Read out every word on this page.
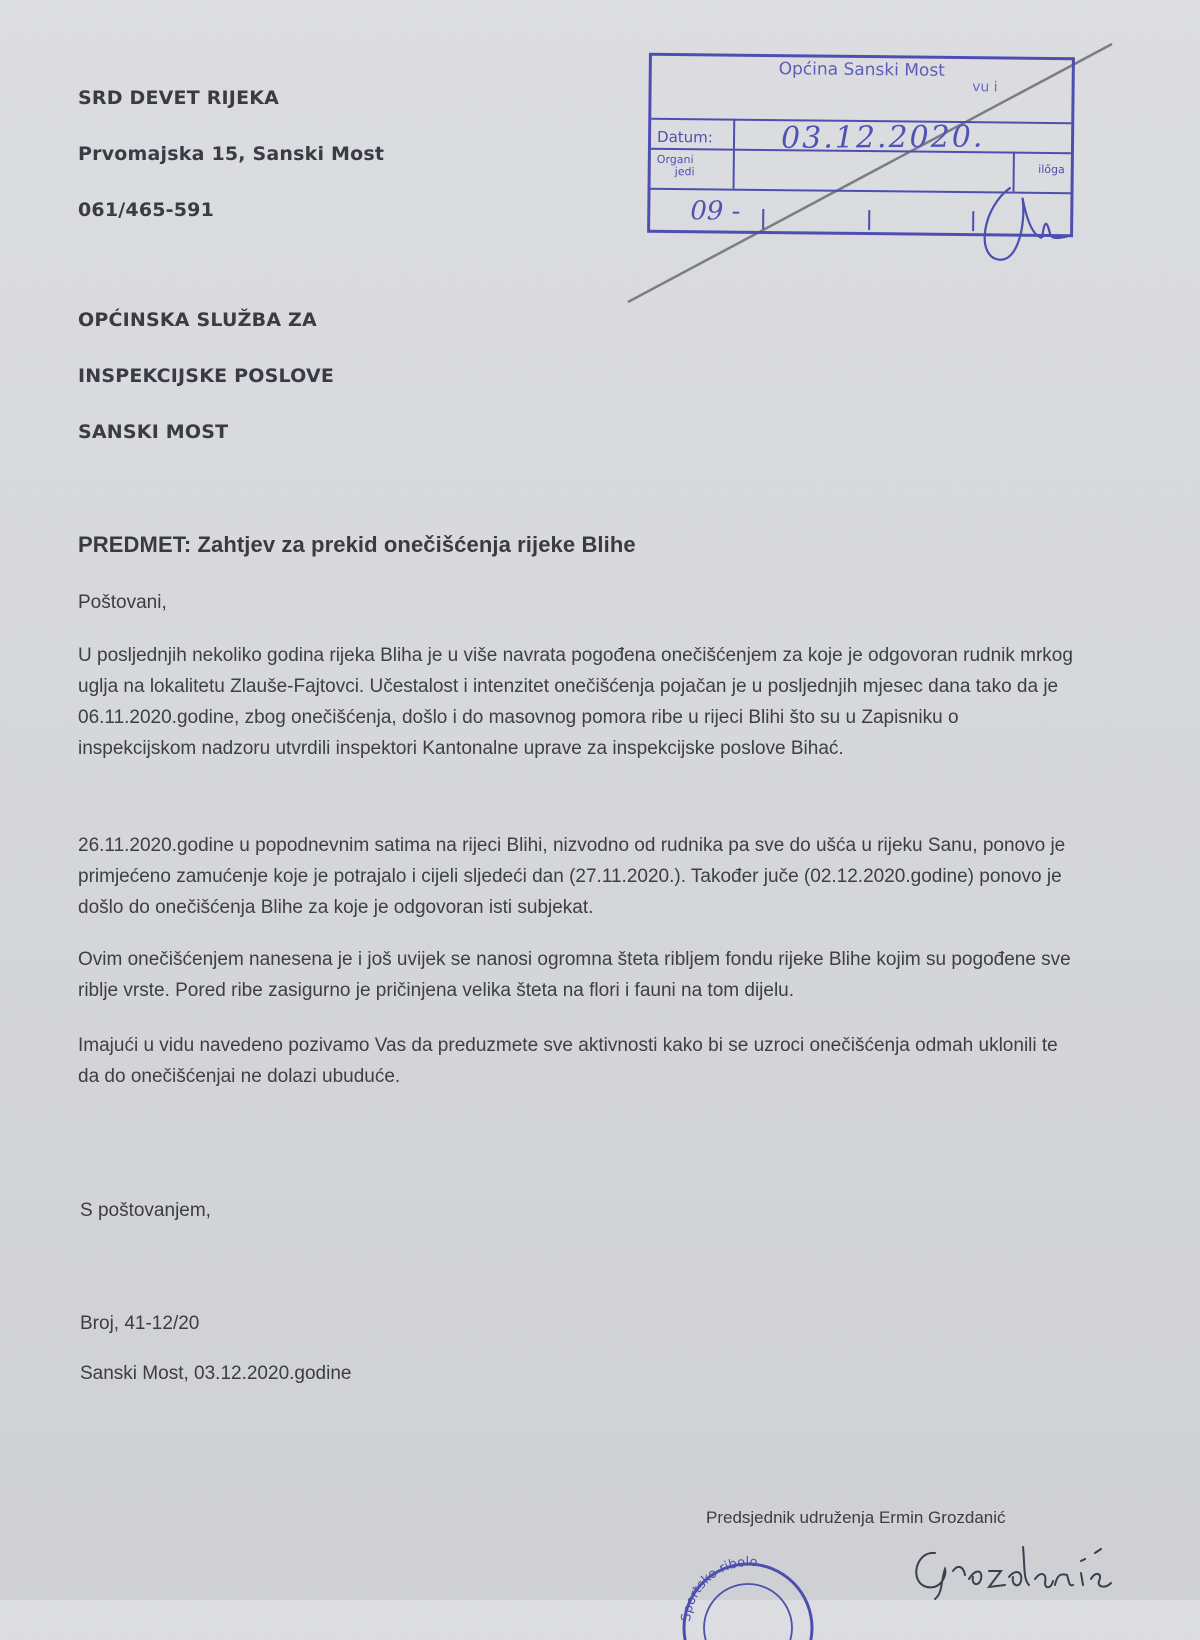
SRD DEVET RIJEKA
Prvomajska 15, Sanski Most
061/465-591
Općina Sanski Most
vu i
Datum: 03.12.2020.
Organi
jedi	ilőga
09 -
OPĆINSKA SLUŽBA ZA
INSPEKCIJSKE POSLOVE
SANSKI MOST
PREDMET: Zahtjev za prekid onečišćenja rijeke Blihe
Poštovani,
U posljednjih nekoliko godina rijeka Bliha je u više navrata pogođena onečišćenjem za koje je odgovoran rudnik mrkog uglja na lokalitetu Zlauše-Fajtovci. Učestalost i intenzitet onečišćenja pojačan je u posljednjih mjesec dana tako da je 06.11.2020.godine, zbog onečišćenja, došlo i do masovnog pomora ribe u rijeci Blihi što su u Zapisniku o inspekcijskom nadzoru utvrdili inspektori Kantonalne uprave za inspekcijske poslove Bihać.
26.11.2020.godine u popodnevnim satima na rijeci Blihi, nizvodno od rudnika pa sve do ušća u rijeku Sanu, ponovo je primjećeno zamućenje koje je potrajalo i cijeli sljedeći dan (27.11.2020.). Također juče (02.12.2020.godine) ponovo je došlo do onečišćenja Blihe za koje je odgovoran isti subjekat.
Ovim onečišćenjem nanesena je i još uvijek se nanosi ogromna šteta ribljem fondu rijeke Blihe kojim su pogođene sve riblje vrste. Pored ribe zasigurno je pričinjena velika šteta na flori i fauni na tom dijelu.
Imajući u vidu navedeno pozivamo Vas da preduzmete sve aktivnosti kako bi se uzroci onečišćenja odmah uklonili te da do onečišćenjai ne dolazi ubuduće.
S poštovanjem,
Broj, 41-12/20
Sanski Most, 03.12.2020.godine
Predsjednik udruženja Ermin Grozdanić
Sportsko ribolo
